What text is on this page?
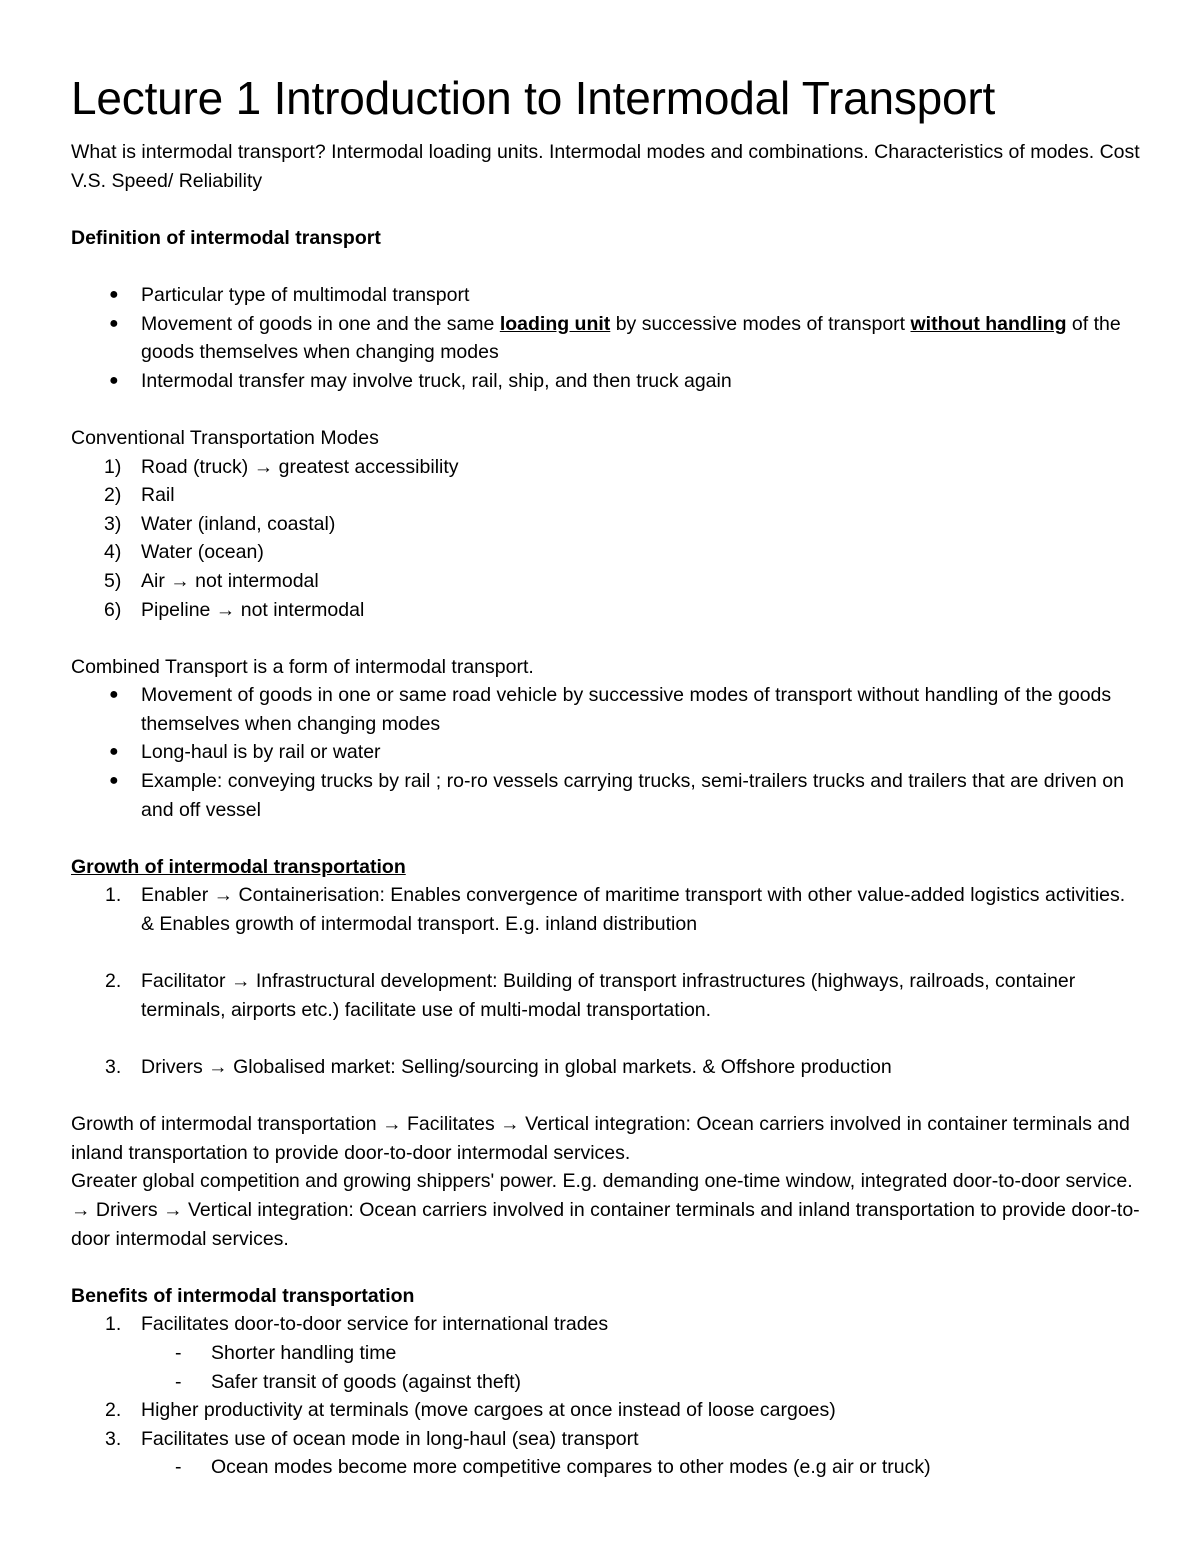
Lecture 1 Introduction to Intermodal Transport

What is intermodal transport? Intermodal loading units. Intermodal modes and combinations. Characteristics of modes. Cost V.S. Speed/ Reliability

Definition of intermodal transport

● Particular type of multimodal transport
● Movement of goods in one and the same loading unit by successive modes of transport without handling of the goods themselves when changing modes
● Intermodal transfer may involve truck, rail, ship, and then truck again

Conventional Transportation Modes

1) Road (truck) → greatest accessibility
2) Rail
3) Water (inland, coastal)
4) Water (ocean)
5) Air → not intermodal
6) Pipeline → not intermodal

Combined Transport is a form of intermodal transport.

● Movement of goods in one or same road vehicle by successive modes of transport without handling of the goods themselves when changing modes
● Long-haul is by rail or water
● Example: conveying trucks by rail ; ro-ro vessels carrying trucks, semi-trailers trucks and trailers that are driven on and off vessel

Growth of intermodal transportation

1. Enabler → Containerisation: Enables convergence of maritime transport with other value-added logistics activities. & Enables growth of intermodal transport. E.g. inland distribution
2. Facilitator → Infrastructural development: Building of transport infrastructures (highways, railroads, container terminals, airports etc.) facilitate use of multi-modal transportation.
3. Drivers → Globalised market: Selling/sourcing in global markets. & Offshore production

Growth of intermodal transportation → Facilitates → Vertical integration: Ocean carriers involved in container terminals and inland transportation to provide door-to-door intermodal services.

Greater global competition and growing shippers' power. E.g. demanding one-time window, integrated door-to-door service. → Drivers → Vertical integration: Ocean carriers involved in container terminals and inland transportation to provide door-to-door intermodal services.

Benefits of intermodal transportation

1. Facilitates door-to-door service for international trades
- Shorter handling time
- Safer transit of goods (against theft)
2. Higher productivity at terminals (move cargoes at once instead of loose cargoes)
3. Facilitates use of ocean mode in long-haul (sea) transport
- Ocean modes become more competitive compares to other modes (e.g air or truck)
